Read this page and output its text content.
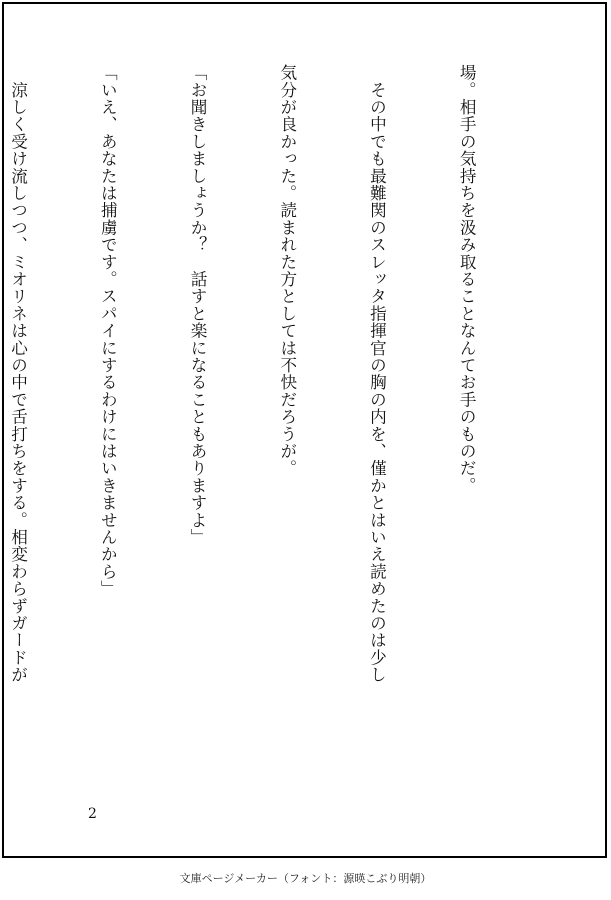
場。相手の気持ちを汲み取ることなんてお手のものだ。

　その中でも最難関のスレッタ指揮官の胸の内を、僅かとはいえ読めたのは少し

気分が良かった。読まれた方としては不快だろうが。

「お聞きしましょうか？　話すと楽になることもありますよ」

「いえ、あなたは捕虜です。スパイにするわけにはいきませんから」

　涼しく受け流しつつ、ミオリネは心の中で舌打ちをする。相変わらずガードが

2
文庫ページメーカー（フォント：源暎こぶり明朝）
